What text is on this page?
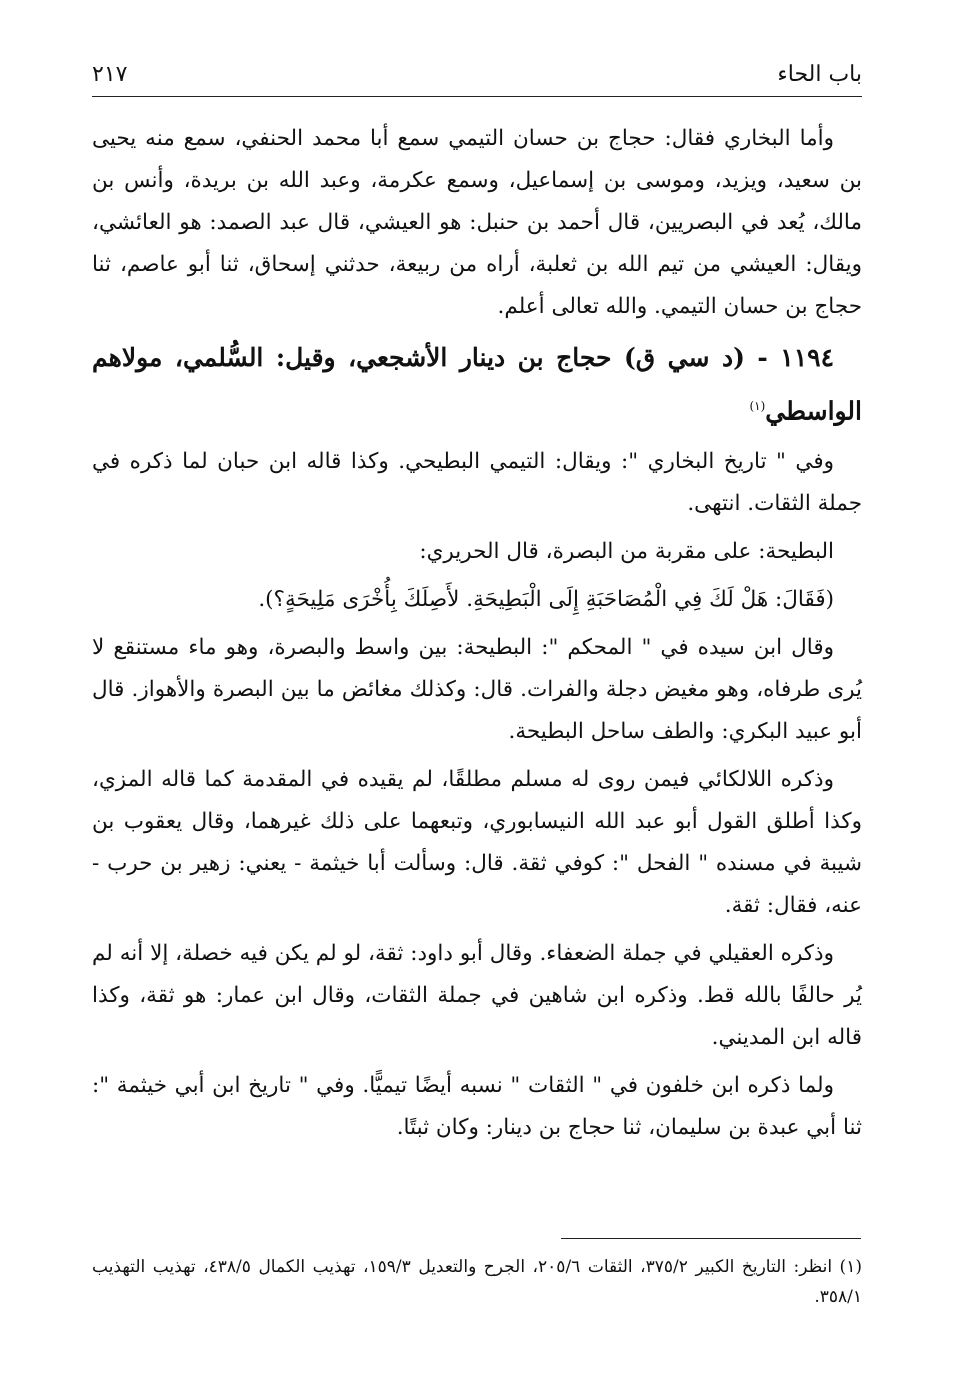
باب الحاء
٢١٧

وأما البخاري فقال: حجاج بن حسان التيمي سمع أبا محمد الحنفي، سمع منه يحيى بن سعيد، ويزيد، وموسى بن إسماعيل، وسمع عكرمة، وعبد الله بن بريدة، وأنس بن مالك، يُعد في البصريين، قال أحمد بن حنبل: هو العيشي، قال عبد الصمد: هو العائشي، ويقال: العيشي من تيم الله بن ثعلبة، أراه من ربيعة، حدثني إسحاق، ثنا أبو عاصم، ثنا حجاج بن حسان التيمي. والله تعالى أعلم.

١١٩٤ - (د سي ق) حجاج بن دينار الأشجعي، وقيل: السُّلمي، مولاهم الواسطي$^{(١)}$

وفي " تاريخ البخاري ": ويقال: التيمي البطيحي. وكذا قاله ابن حبان لما ذكره في جملة الثقات. انتهى.

البطيحة: على مقربة من البصرة، قال الحريري:

(فَقَالَ: هَلْ لَكَ فِي الْمُصَاحَبَةِ إِلَى الْبَطِيحَةِ. لأَصِلَكَ بِأُخْرَى مَلِيحَةٍ؟).

وقال ابن سيده في " المحكم ": البطيحة: بين واسط والبصرة، وهو ماء مستنقع لا يُرى طرفاه، وهو مغيض دجلة والفرات. قال: وكذلك مغائض ما بين البصرة والأهواز. قال أبو عبيد البكري: والطف ساحل البطيحة.

وذكره اللالكائي فيمن روى له مسلم مطلقًا، لم يقيده في المقدمة كما قاله المزي، وكذا أطلق القول أبو عبد الله النيسابوري، وتبعهما على ذلك غيرهما، وقال يعقوب بن شيبة في مسنده " الفحل ": كوفي ثقة. قال: وسألت أبا خيثمة - يعني: زهير بن حرب - عنه، فقال: ثقة.

وذكره العقيلي في جملة الضعفاء. وقال أبو داود: ثقة، لو لم يكن فيه خصلة، إلا أنه لم يُر حالفًا بالله قط. وذكره ابن شاهين في جملة الثقات، وقال ابن عمار: هو ثقة، وكذا قاله ابن المديني.

ولما ذكره ابن خلفون في " الثقات " نسبه أيضًا تيميًّا. وفي " تاريخ ابن أبي خيثمة ": ثنا أبي عبدة بن سليمان، ثنا حجاج بن دينار: وكان ثبتًا.

(١) انظر: التاريخ الكبير ٣٧٥/٢، الثقات ٢٠٥/٦، الجرح والتعديل ١٥٩/٣، تهذيب الكمال ٤٣٨/٥، تهذيب التهذيب ٣٥٨/١.
